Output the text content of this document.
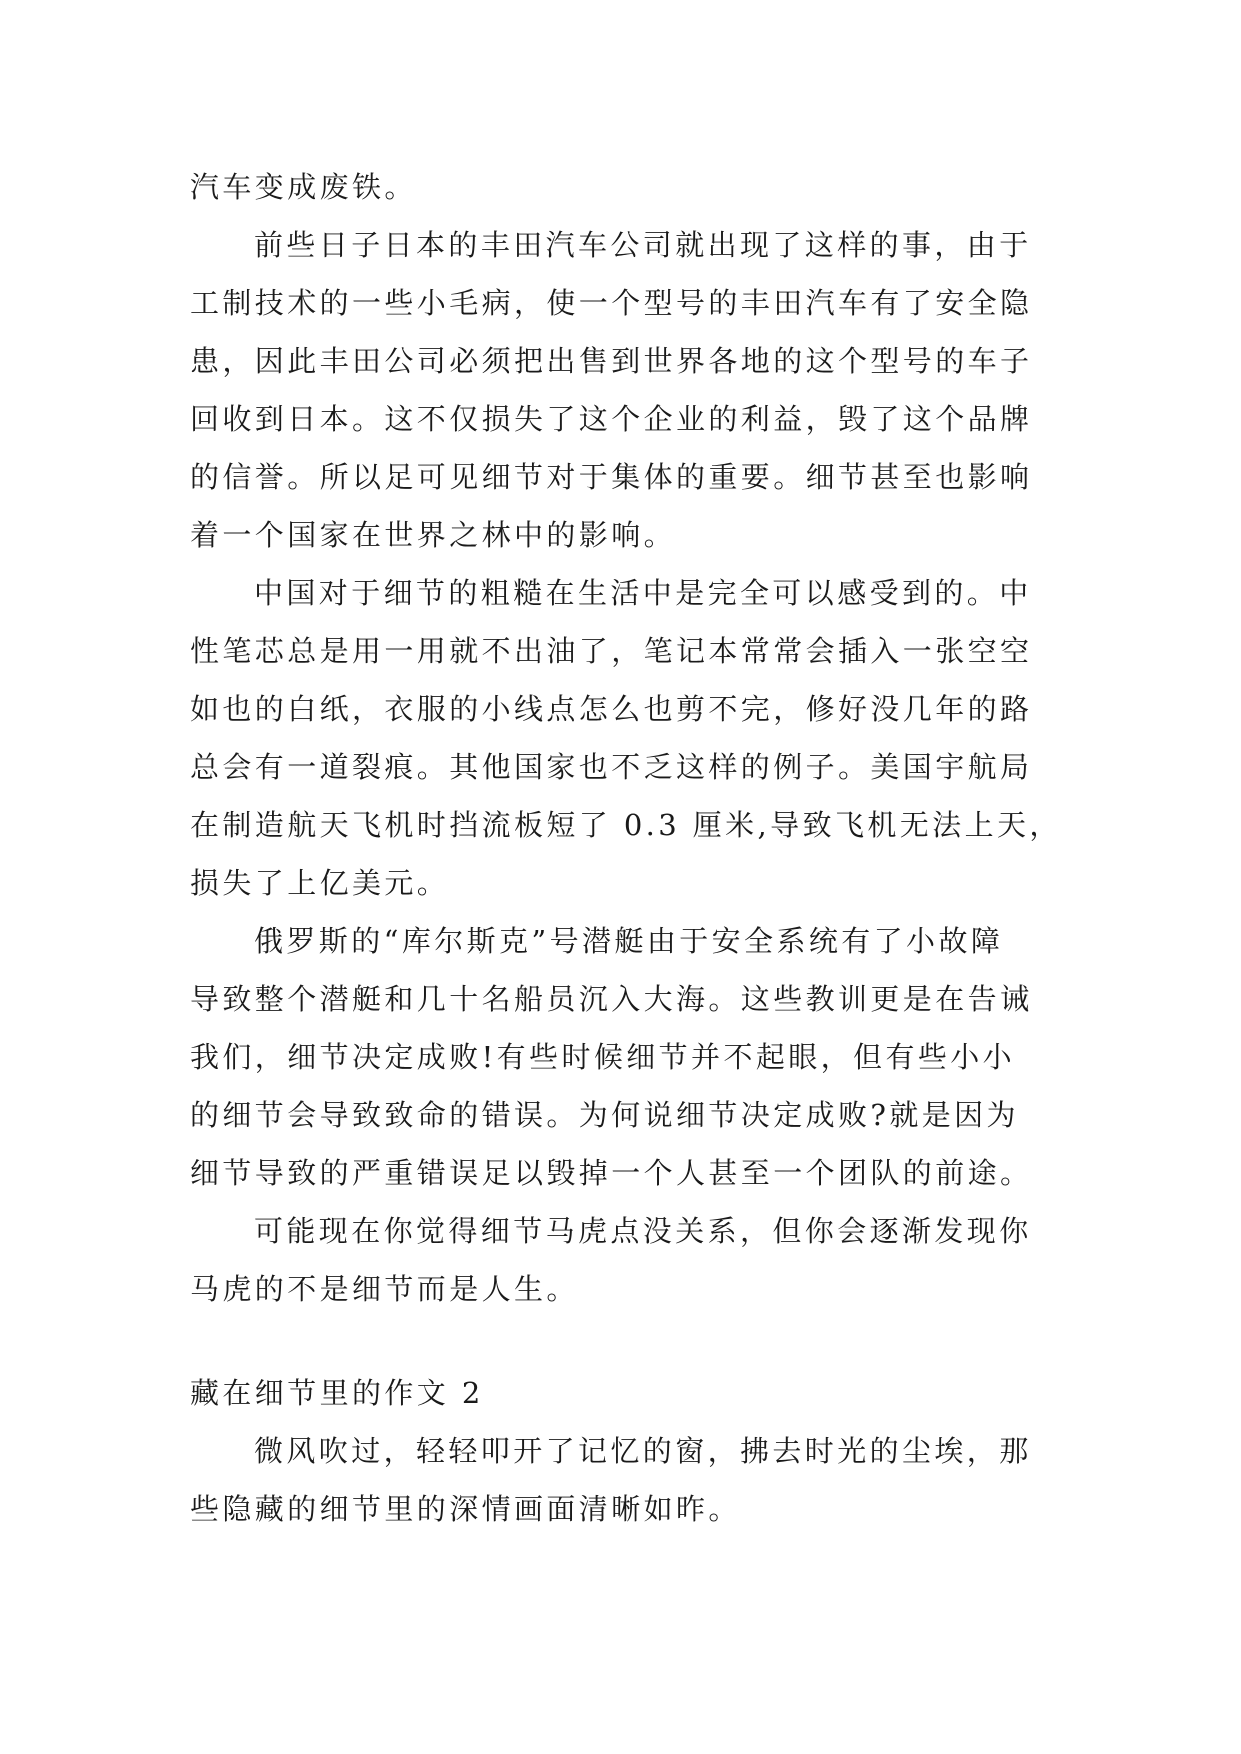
汽车变成废铁。
前些日子日本的丰田汽车公司就出现了这样的事，由于
工制技术的一些小毛病，使一个型号的丰田汽车有了安全隐
患，因此丰田公司必须把出售到世界各地的这个型号的车子
回收到日本。这不仅损失了这个企业的利益，毁了这个品牌
的信誉。所以足可见细节对于集体的重要。细节甚至也影响
着一个国家在世界之林中的影响。
中国对于细节的粗糙在生活中是完全可以感受到的。中
性笔芯总是用一用就不出油了，笔记本常常会插入一张空空
如也的白纸，衣服的小线点怎么也剪不完，修好没几年的路
总会有一道裂痕。其他国家也不乏这样的例子。美国宇航局
在制造航天飞机时挡流板短了 0.3 厘米,导致飞机无法上天，
损失了上亿美元。
俄罗斯的“库尔斯克”号潜艇由于安全系统有了小故障
导致整个潜艇和几十名船员沉入大海。这些教训更是在告诫
我们，细节决定成败!有些时候细节并不起眼，但有些小小
的细节会导致致命的错误。为何说细节决定成败?就是因为
细节导致的严重错误足以毁掉一个人甚至一个团队的前途。
可能现在你觉得细节马虎点没关系，但你会逐渐发现你
马虎的不是细节而是人生。
藏在细节里的作文 2
微风吹过，轻轻叩开了记忆的窗，拂去时光的尘埃，那
些隐藏的细节里的深情画面清晰如昨。
